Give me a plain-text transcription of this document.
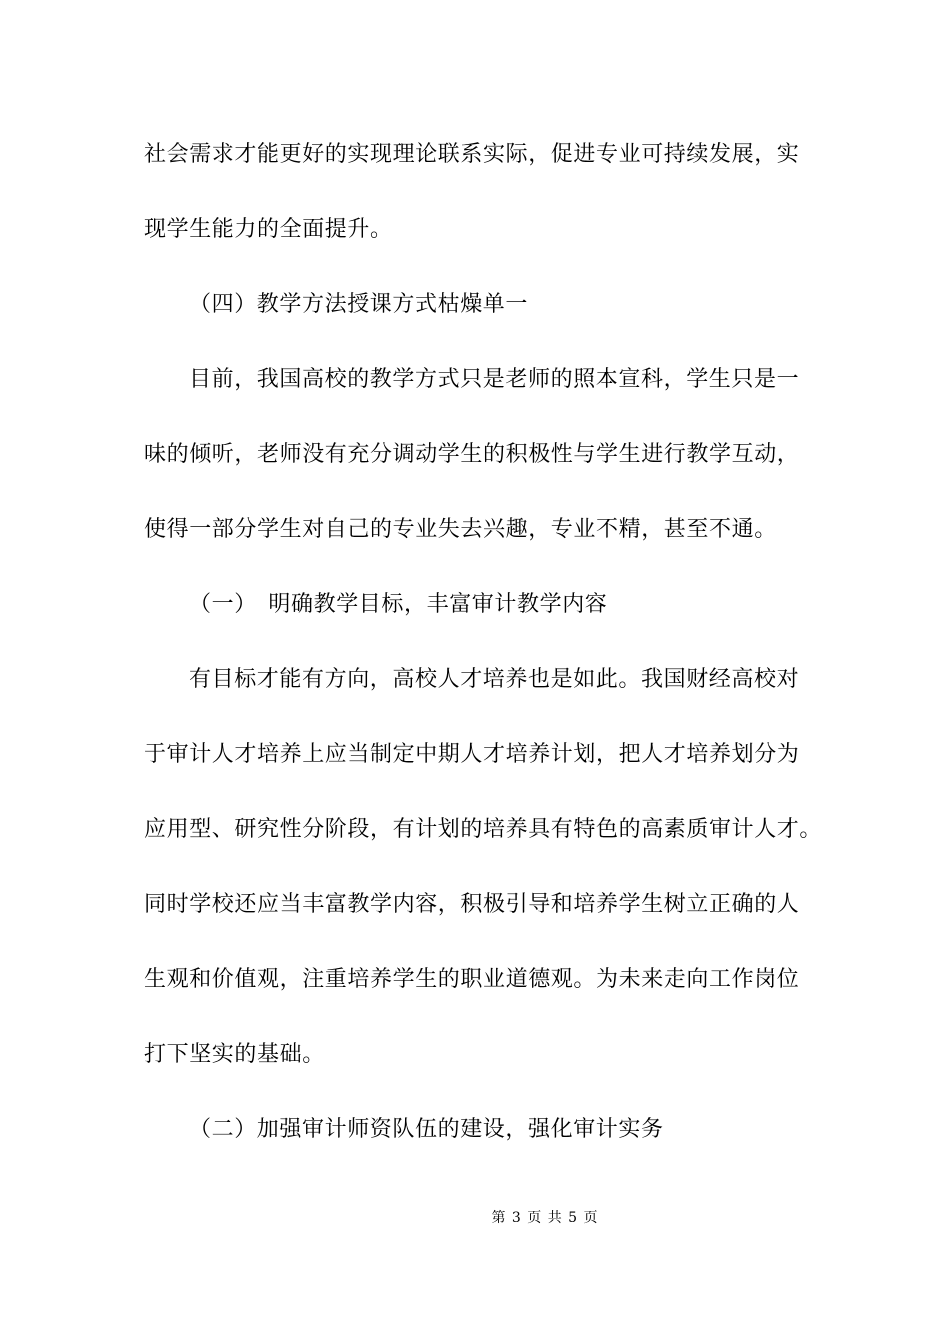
社会需求才能更好的实现理论联系实际，促进专业可持续发展，实
现学生能力的全面提升。
（四）教学方法授课方式枯燥单一
目前，我国高校的教学方式只是老师的照本宣科，学生只是一
味的倾听，老师没有充分调动学生的积极性与学生进行教学互动，
使得一部分学生对自己的专业失去兴趣，专业不精，甚至不通。
（一）　明确教学目标，丰富审计教学内容
有目标才能有方向，高校人才培养也是如此。我国财经高校对
于审计人才培养上应当制定中期人才培养计划，把人才培养划分为
应用型、研究性分阶段，有计划的培养具有特色的高素质审计人才。
同时学校还应当丰富教学内容，积极引导和培养学生树立正确的人
生观和价值观，注重培养学生的职业道德观。为未来走向工作岗位
打下坚实的基础。
（二）加强审计师资队伍的建设，强化审计实务
第 3 页 共 5 页
